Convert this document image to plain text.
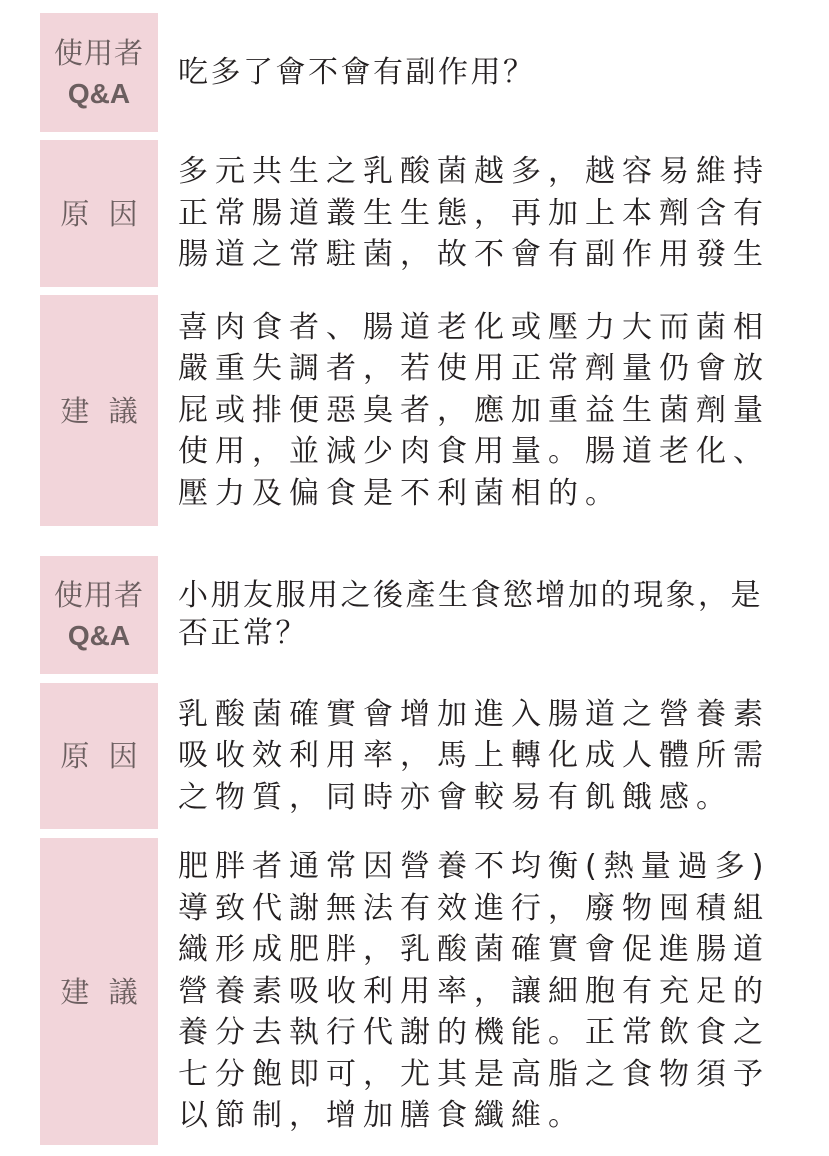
使用者
Q&A
吃多了會不會有副作用？
原 因
多元共生之乳酸菌越多，越容易維持
正常腸道叢生生態，再加上本劑含有
腸道之常駐菌，故不會有副作用發生
建 議
喜肉食者、腸道老化或壓力大而菌相
嚴重失調者，若使用正常劑量仍會放
屁或排便惡臭者，應加重益生菌劑量
使用，並減少肉食用量。腸道老化、
壓力及偏食是不利菌相的。
使用者
Q&A
小朋友服用之後產生食慾增加的現象，是
否正常？
原 因
乳酸菌確實會增加進入腸道之營養素
吸收效利用率，馬上轉化成人體所需
之物質，同時亦會較易有飢餓感。
建 議
肥胖者通常因營養不均衡(熱量過多)
導致代謝無法有效進行，廢物囤積組
織形成肥胖，乳酸菌確實會促進腸道
營養素吸收利用率，讓細胞有充足的
養分去執行代謝的機能。正常飲食之
七分飽即可，尤其是高脂之食物須予
以節制，增加膳食纖維。
